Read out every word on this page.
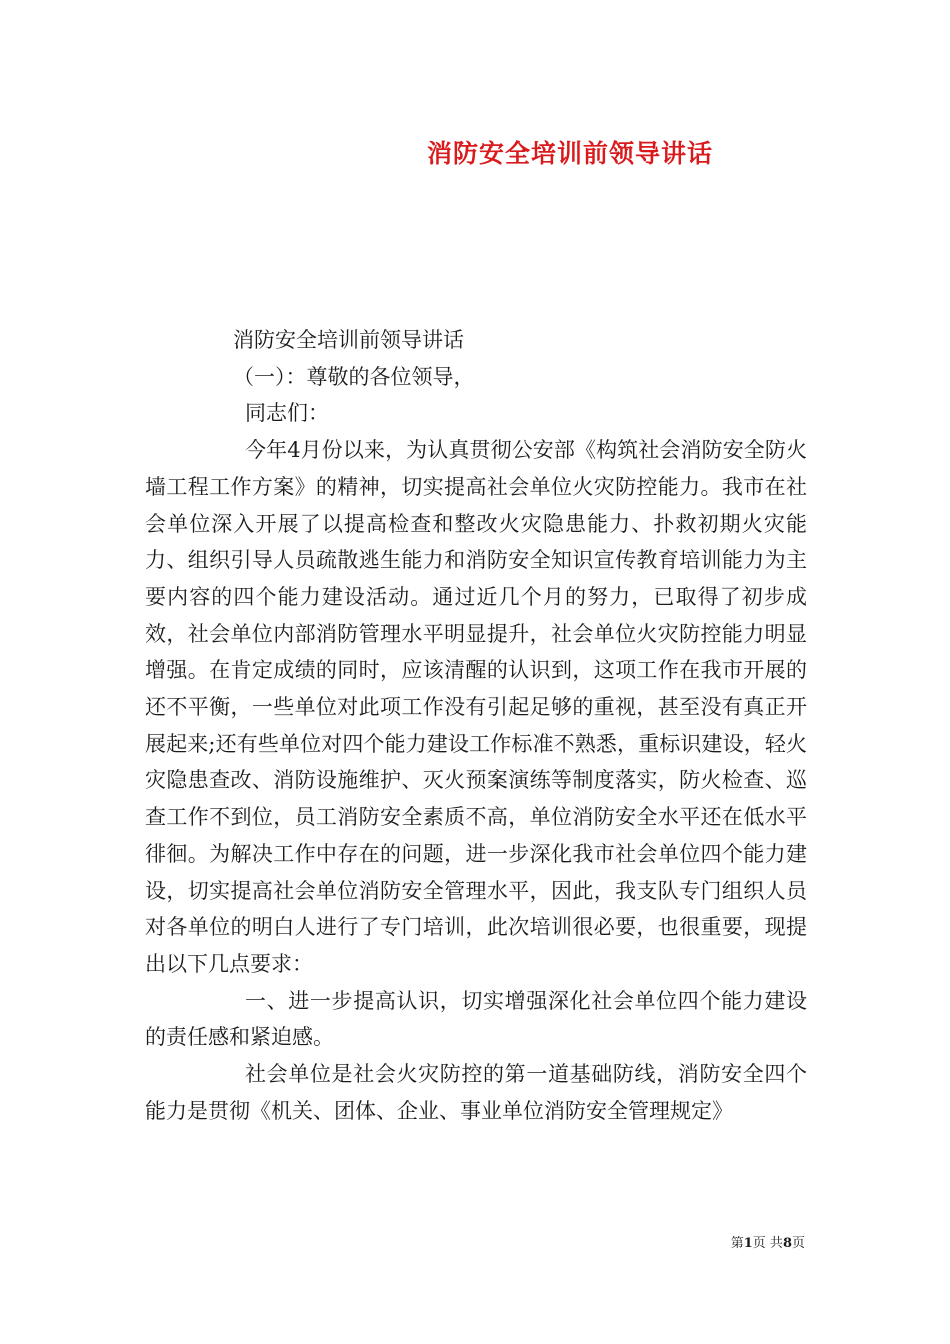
消防安全培训前领导讲话

消防安全培训前领导讲话

（一）：尊敬的各位领导，

同志们：

今年4月份以来，为认真贯彻公安部《构筑社会消防安全防火墙工程工作方案》的精神，切实提高社会单位火灾防控能力。我市在社会单位深入开展了以提高检查和整改火灾隐患能力、扑救初期火灾能力、组织引导人员疏散逃生能力和消防安全知识宣传教育培训能力为主要内容的四个能力建设活动。通过近几个月的努力，已取得了初步成效，社会单位内部消防管理水平明显提升，社会单位火灾防控能力明显增强。在肯定成绩的同时，应该清醒的认识到，这项工作在我市开展的还不平衡，一些单位对此项工作没有引起足够的重视，甚至没有真正开展起来;还有些单位对四个能力建设工作标准不熟悉，重标识建设，轻火灾隐患查改、消防设施维护、灭火预案演练等制度落实，防火检查、巡查工作不到位，员工消防安全素质不高，单位消防安全水平还在低水平徘徊。为解决工作中存在的问题，进一步深化我市社会单位四个能力建设，切实提高社会单位消防安全管理水平，因此，我支队专门组织人员对各单位的明白人进行了专门培训，此次培训很必要，也很重要，现提出以下几点要求：

一、进一步提高认识，切实增强深化社会单位四个能力建设的责任感和紧迫感。

社会单位是社会火灾防控的第一道基础防线，消防安全四个能力是贯彻《机关、团体、企业、事业单位消防安全管理规定》

第1页 共8页
